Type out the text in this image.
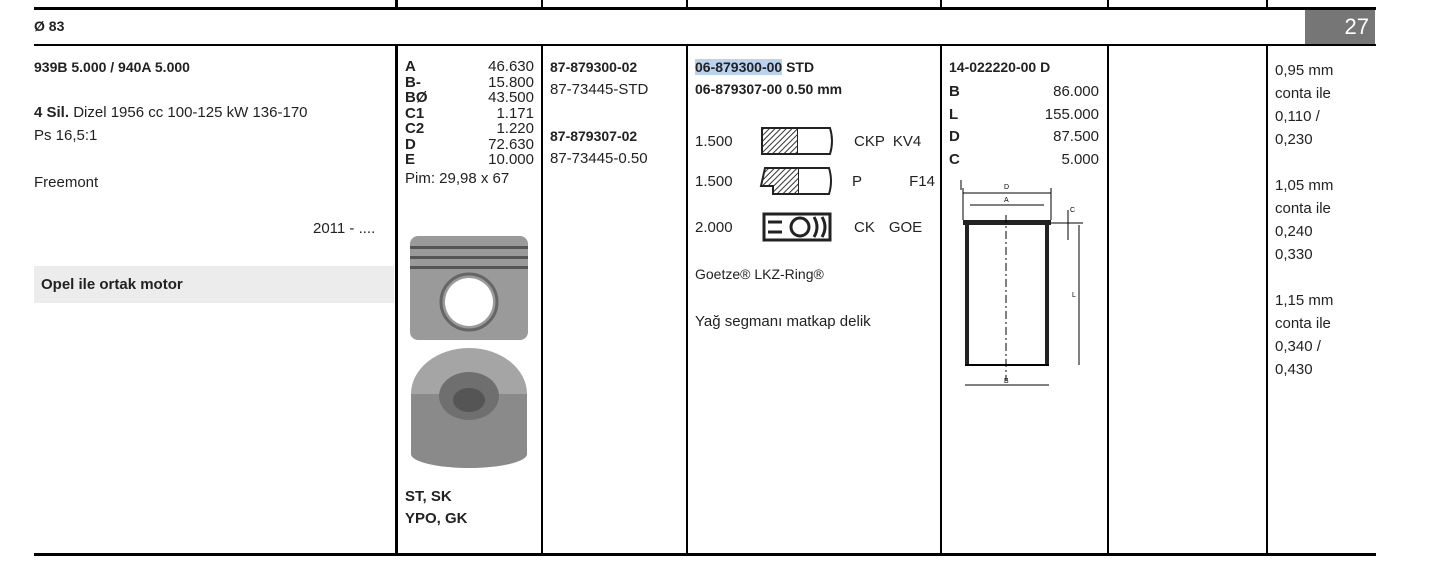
Ø 83	27
939B 5.000 / 940A 5.000
4 Sil. Dizel 1956 cc 100-125 kW 136-170
Ps 16,5:1
Freemont
2011 - ....
Opel ile ortak motor
A	46.630
B-	15.800
BØ	43.500
C1	1.171
C2	1.220
D	72.630
E	10.000
Pim: 29,98 x 67
ST, SK
YPO, GK
87-879300-02
87-73445-STD
87-879307-02
87-73445-0.50
06-879300-00 STD
06-879307-00 0.50 mm
1.500	CKP KV4
1.500	P	F14
2.000	CK GOE
Goetze® LKZ-Ring®
Yağ segmanı matkap delik
14-022220-00 D
B	86.000
L	155.000
D	87.500
C	5.000
D
A
L
C
B
0,95 mm
conta ile
0,110 /
0,230
1,05 mm
conta ile
0,240
0,330
1,15 mm
conta ile
0,340 /
0,430
